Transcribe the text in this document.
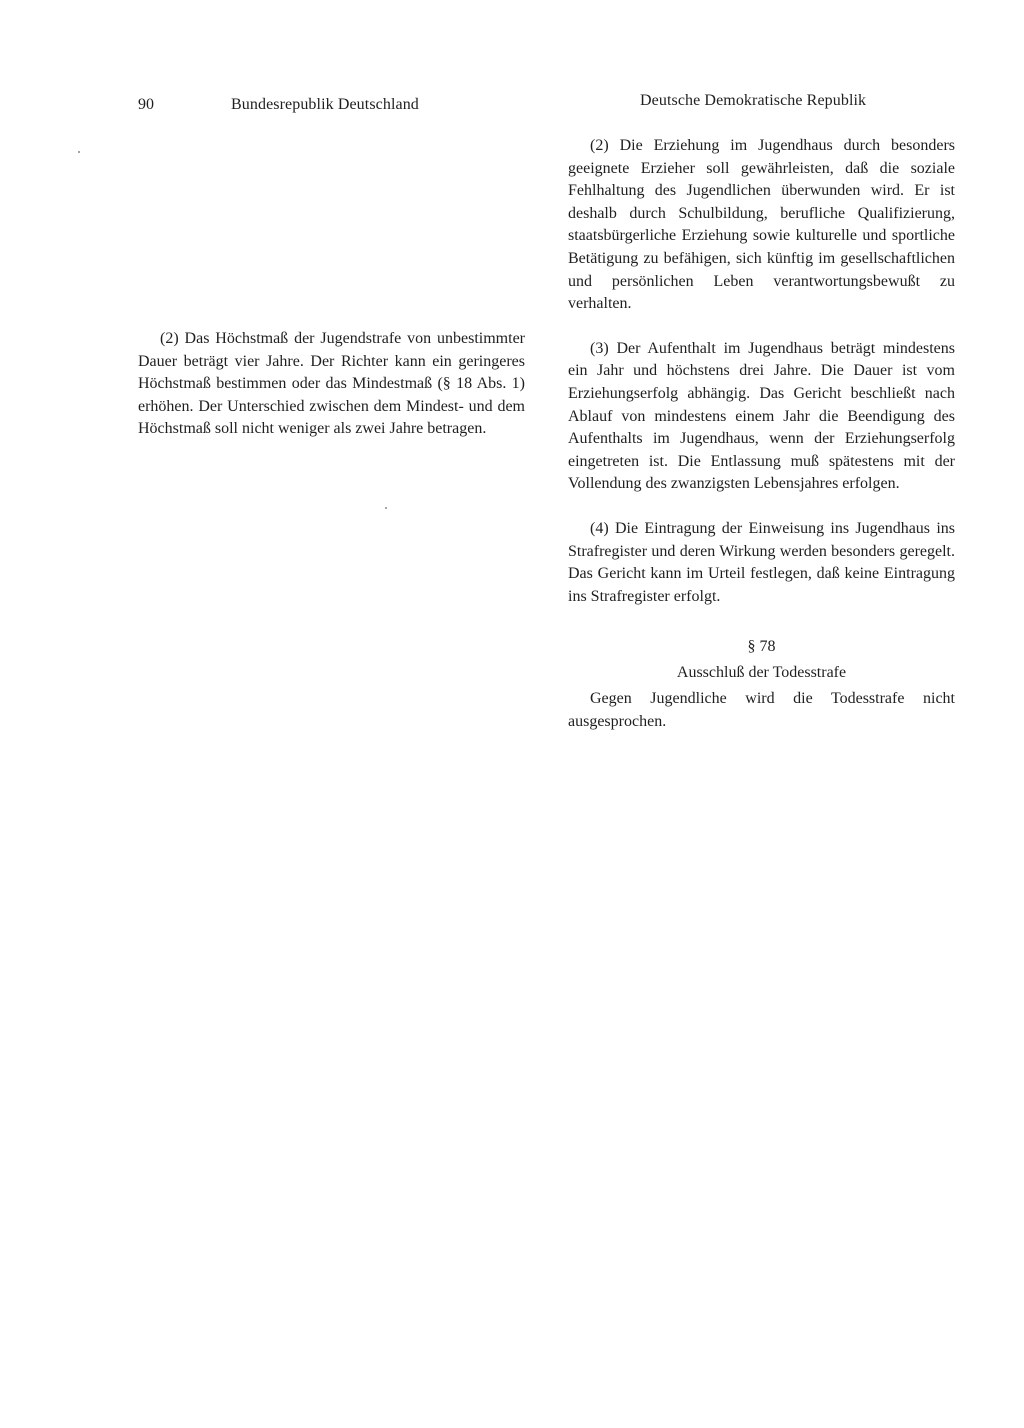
90	Bundesrepublik Deutschland	Deutsche Demokratische Republik

(2) Das Höchstmaß der Jugendstrafe von unbestimmter Dauer beträgt vier Jahre. Der Richter kann ein geringeres Höchstmaß bestimmen oder das Mindestmaß (§ 18 Abs. 1) erhöhen. Der Unterschied zwischen dem Mindest- und dem Höchstmaß soll nicht weniger als zwei Jahre betragen.

(2) Die Erziehung im Jugendhaus durch besonders geeignete Erzieher soll gewährleisten, daß die soziale Fehlhaltung des Jugendlichen überwunden wird. Er ist deshalb durch Schulbildung, berufliche Qualifizierung, staatsbürgerliche Erziehung sowie kulturelle und sportliche Betätigung zu befähigen, sich künftig im gesellschaftlichen und persönlichen Leben verantwortungsbewußt zu verhalten.

(3) Der Aufenthalt im Jugendhaus beträgt mindestens ein Jahr und höchstens drei Jahre. Die Dauer ist vom Erziehungserfolg abhängig. Das Gericht beschließt nach Ablauf von mindestens einem Jahr die Beendigung des Aufenthalts im Jugendhaus, wenn der Erziehungserfolg eingetreten ist. Die Entlassung muß spätestens mit der Vollendung des zwanzigsten Lebensjahres erfolgen.

(4) Die Eintragung der Einweisung ins Jugendhaus ins Strafregister und deren Wirkung werden besonders geregelt. Das Gericht kann im Urteil festlegen, daß keine Eintragung ins Strafregister erfolgt.

§ 78
Ausschluß der Todesstrafe

Gegen Jugendliche wird die Todesstrafe nicht ausgesprochen.
